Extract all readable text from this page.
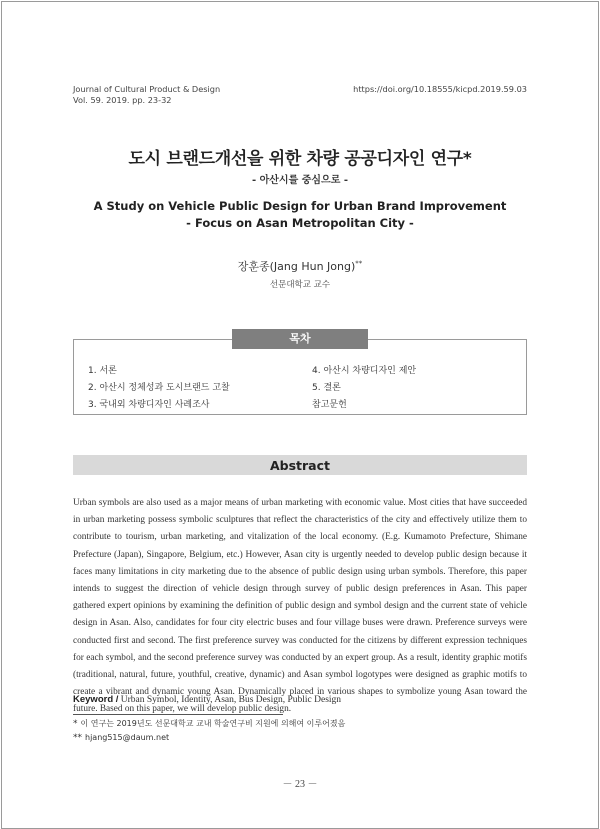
Journal of Cultural Product & Design
Vol. 59. 2019. pp. 23-32
https://doi.org/10.18555/kicpd.2019.59.03
도시 브랜드개선을 위한 차량 공공디자인 연구*
- 아산시를 중심으로 -
A Study on Vehicle Public Design for Urban Brand Improvement
- Focus on Asan Metropolitan City -
장훈종(Jang Hun Jong)**
선문대학교 교수
목차
1. 서론
2. 아산시 정체성과 도시브랜드 고찰
3. 국내외 차량디자인 사례조사
4. 아산시 차량디자인 제안
5. 결론
참고문헌
Abstract
Urban symbols are also used as a major means of urban marketing with economic value. Most cities that have succeeded in urban marketing possess symbolic sculptures that reflect the characteristics of the city and effectively utilize them to contribute to tourism, urban marketing, and vitalization of the local economy. (E.g. Kumamoto Prefecture, Shimane Prefecture (Japan), Singapore, Belgium, etc.) However, Asan city is urgently needed to develop public design because it faces many limitations in city marketing due to the absence of public design using urban symbols. Therefore, this paper intends to suggest the direction of vehicle design through survey of public design preferences in Asan. This paper gathered expert opinions by examining the definition of public design and symbol design and the current state of vehicle design in Asan. Also, candidates for four city electric buses and four village buses were drawn. Preference surveys were conducted first and second. The first preference survey was conducted for the citizens by different expression techniques for each symbol, and the second preference survey was conducted by an expert group. As a result, identity graphic motifs (traditional, natural, future, youthful, creative, dynamic) and Asan symbol logotypes were designed as graphic motifs to create a vibrant and dynamic young Asan. Dynamically placed in various shapes to symbolize young Asan toward the future. Based on this paper, we will develop public design.
Keyword / Urban Symbol, Identity, Asan, Bus Design, Public Design
* 이 연구는 2019년도 선문대학교 교내 학술연구비 지원에 의해여 이루어졌음
** hjang515@daum.net
－ 23 －
